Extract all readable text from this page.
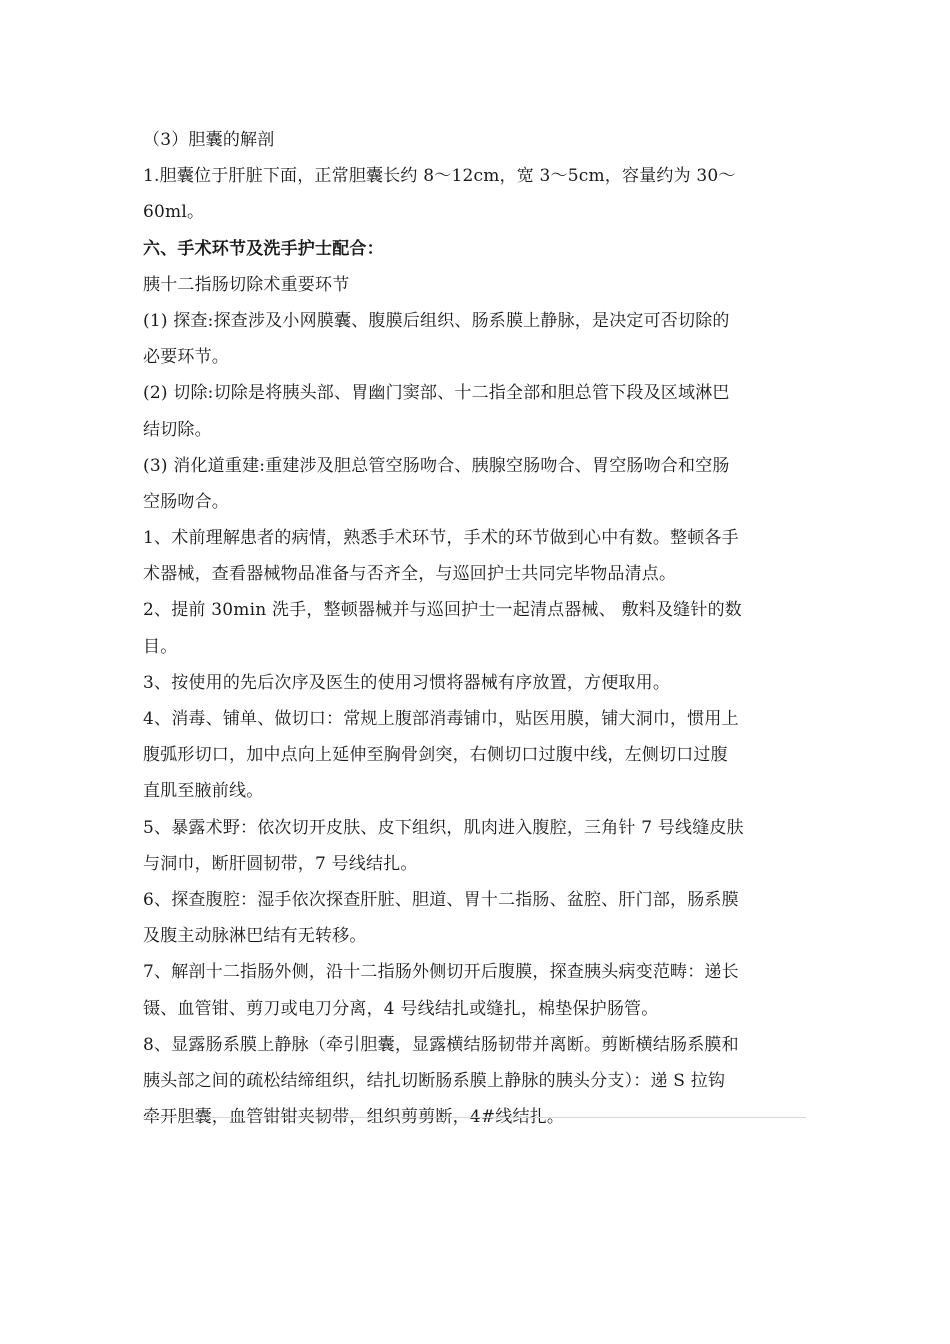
（3）胆囊的解剖
1.胆囊位于肝脏下面，正常胆囊长约 8～12cm，宽 3～5cm，容量约为 30～
60ml。
六、手术环节及洗手护士配合：
胰十二指肠切除术重要环节
(1) 探查:探查涉及小网膜囊、腹膜后组织、肠系膜上静脉，是决定可否切除的
必要环节。
(2) 切除:切除是将胰头部、胃幽门窦部、十二指全部和胆总管下段及区域淋巴
结切除。
(3) 消化道重建:重建涉及胆总管空肠吻合、胰腺空肠吻合、胃空肠吻合和空肠
空肠吻合。
1、术前理解患者的病情，熟悉手术环节，手术的环节做到心中有数。整顿各手
术器械，查看器械物品准备与否齐全，与巡回护士共同完毕物品清点。
2、提前 30min 洗手，整顿器械并与巡回护士一起清点器械、 敷料及缝针的数
目。
3、按使用的先后次序及医生的使用习惯将器械有序放置，方便取用。
4、消毒、铺单、做切口：常规上腹部消毒铺巾，贴医用膜，铺大洞巾，惯用上
腹弧形切口，加中点向上延伸至胸骨剑突，右侧切口过腹中线，左侧切口过腹
直肌至腋前线。
5、暴露术野：依次切开皮肤、皮下组织，肌肉进入腹腔，三角针 7 号线缝皮肤
与洞巾，断肝圆韧带，7 号线结扎。
6、探查腹腔：湿手依次探查肝脏、胆道、胃十二指肠、盆腔、肝门部，肠系膜
及腹主动脉淋巴结有无转移。
7、解剖十二指肠外侧，沿十二指肠外侧切开后腹膜，探查胰头病变范畴：递长
镊、血管钳、剪刀或电刀分离，4 号线结扎或缝扎，棉垫保护肠管。
8、显露肠系膜上静脉（牵引胆囊，显露横结肠韧带并离断。剪断横结肠系膜和
胰头部之间的疏松结缔组织，结扎切断肠系膜上静脉的胰头分支）：递 S 拉钩
牵开胆囊，血管钳钳夹韧带，组织剪剪断，4#线结扎。
